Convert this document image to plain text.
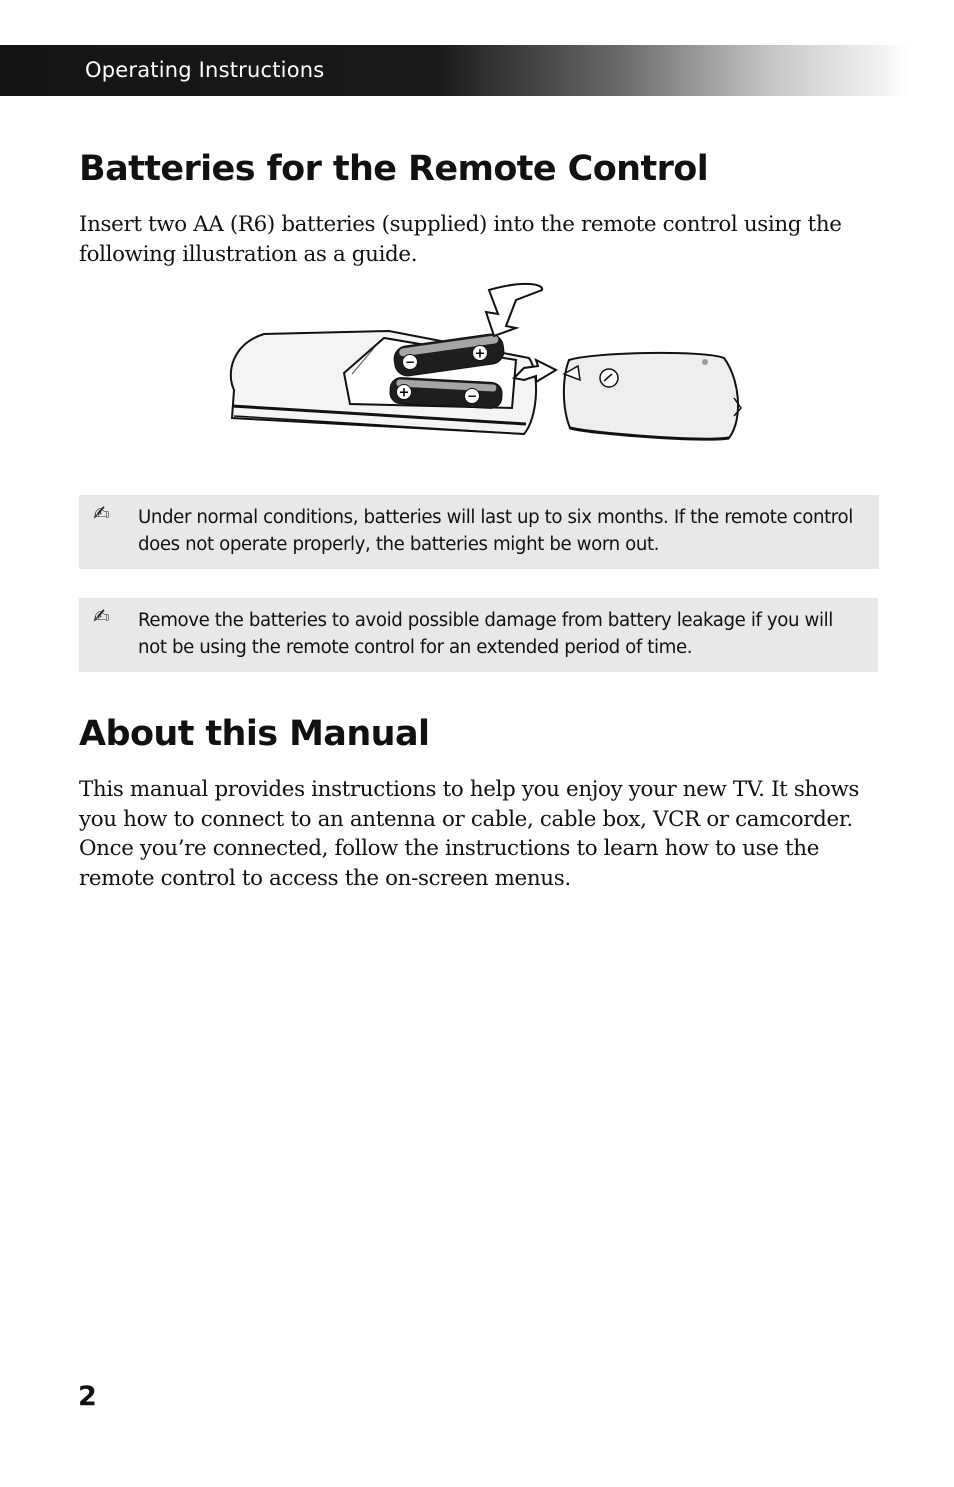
Operating Instructions
Batteries for the Remote Control

Insert two AA (R6) batteries (supplied) into the remote control using the following illustration as a guide.

−
+
+	−
✍ Under normal conditions, batteries will last up to six months. If the remote control does not operate properly, the batteries might be worn out.

✍ Remove the batteries to avoid possible damage from battery leakage if you will not be using the remote control for an extended period of time.

About this Manual

This manual provides instructions to help you enjoy your new TV. It shows you how to connect to an antenna or cable, cable box, VCR or camcorder. Once you’re connected, follow the instructions to learn how to use the remote control to access the on-screen menus.

2
